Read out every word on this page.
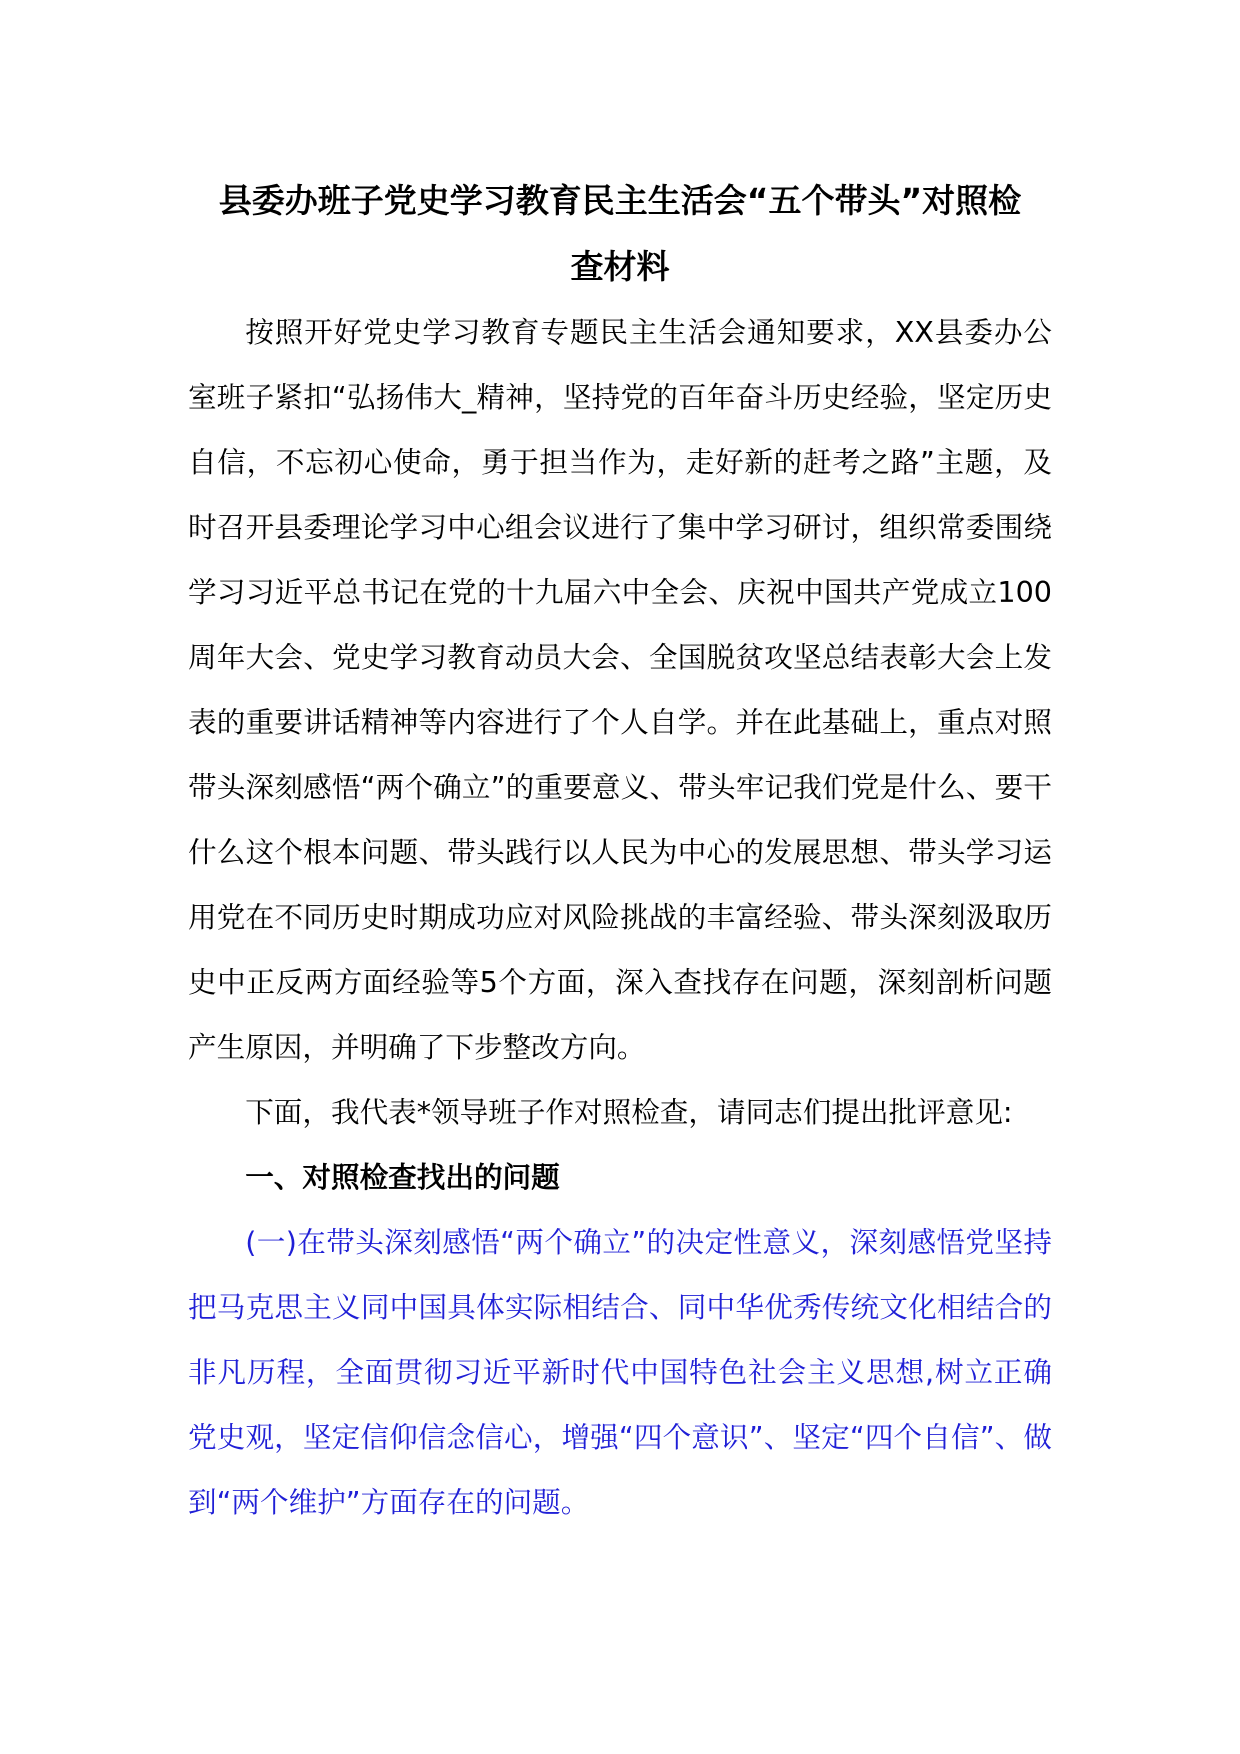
县委办班子党史学习教育民主生活会“五个带头”对照检
查材料

按照开好党史学习教育专题民主生活会通知要求，XX县委办公室班子紧扣“弘扬伟大_精神，坚持党的百年奋斗历史经验，坚定历史自信，不忘初心使命，勇于担当作为，走好新的赶考之路”主题，及时召开县委理论学习中心组会议进行了集中学习研讨，组织常委围绕学习习近平总书记在党的十九届六中全会、庆祝中国共产党成立100周年大会、党史学习教育动员大会、全国脱贫攻坚总结表彰大会上发表的重要讲话精神等内容进行了个人自学。并在此基础上，重点对照带头深刻感悟“两个确立”的重要意义、带头牢记我们党是什么、要干什么这个根本问题、带头践行以人民为中心的发展思想、带头学习运用党在不同历史时期成功应对风险挑战的丰富经验、带头深刻汲取历史中正反两方面经验等5个方面，深入查找存在问题，深刻剖析问题产生原因，并明确了下步整改方向。

下面，我代表*领导班子作对照检查，请同志们提出批评意见:

一、对照检查找出的问题

(一)在带头深刻感悟“两个确立”的决定性意义，深刻感悟党坚持把马克思主义同中国具体实际相结合、同中华优秀传统文化相结合的非凡历程，全面贯彻习近平新时代中国特色社会主义思想,树立正确党史观，坚定信仰信念信心，增强“四个意识”、坚定“四个自信”、做到“两个维护”方面存在的问题。
